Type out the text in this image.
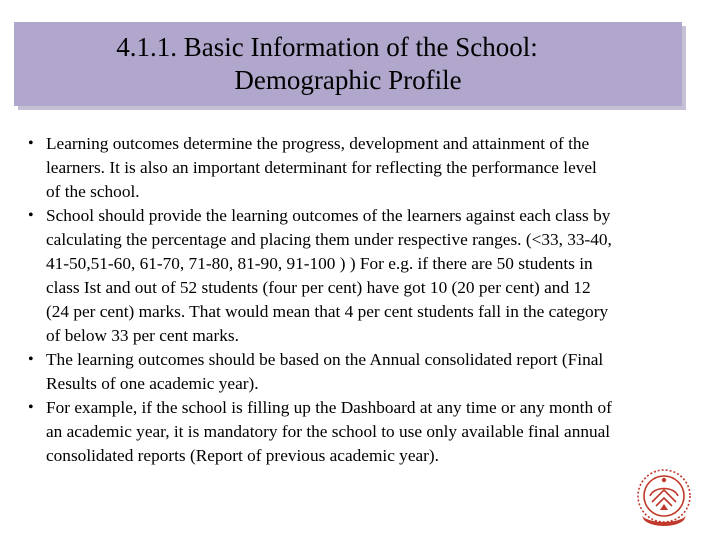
4.1.1. Basic Information of the School:
Demographic Profile
• Learning outcomes determine the progress, development and attainment of the
learners. It is also an important determinant for reflecting the performance level
of the school.
• School should provide the learning outcomes of the learners against each class by
calculating the percentage and placing them under respective ranges. (<33, 33-40,
41-50,51-60, 61-70, 71-80, 81-90, 91-100 ) ) For e.g. if there are 50 students in
class Ist and out of 52 students (four per cent) have got 10 (20 per cent) and 12
(24 per cent) marks. That would mean that 4 per cent students fall in the category
of below 33 per cent marks.
• The learning outcomes should be based on the Annual consolidated report (Final
Results of one academic year).
• For example, if the school is filling up the Dashboard at any time or any month of
an academic year, it is mandatory for the school to use only available final annual
consolidated reports (Report of previous academic year).
